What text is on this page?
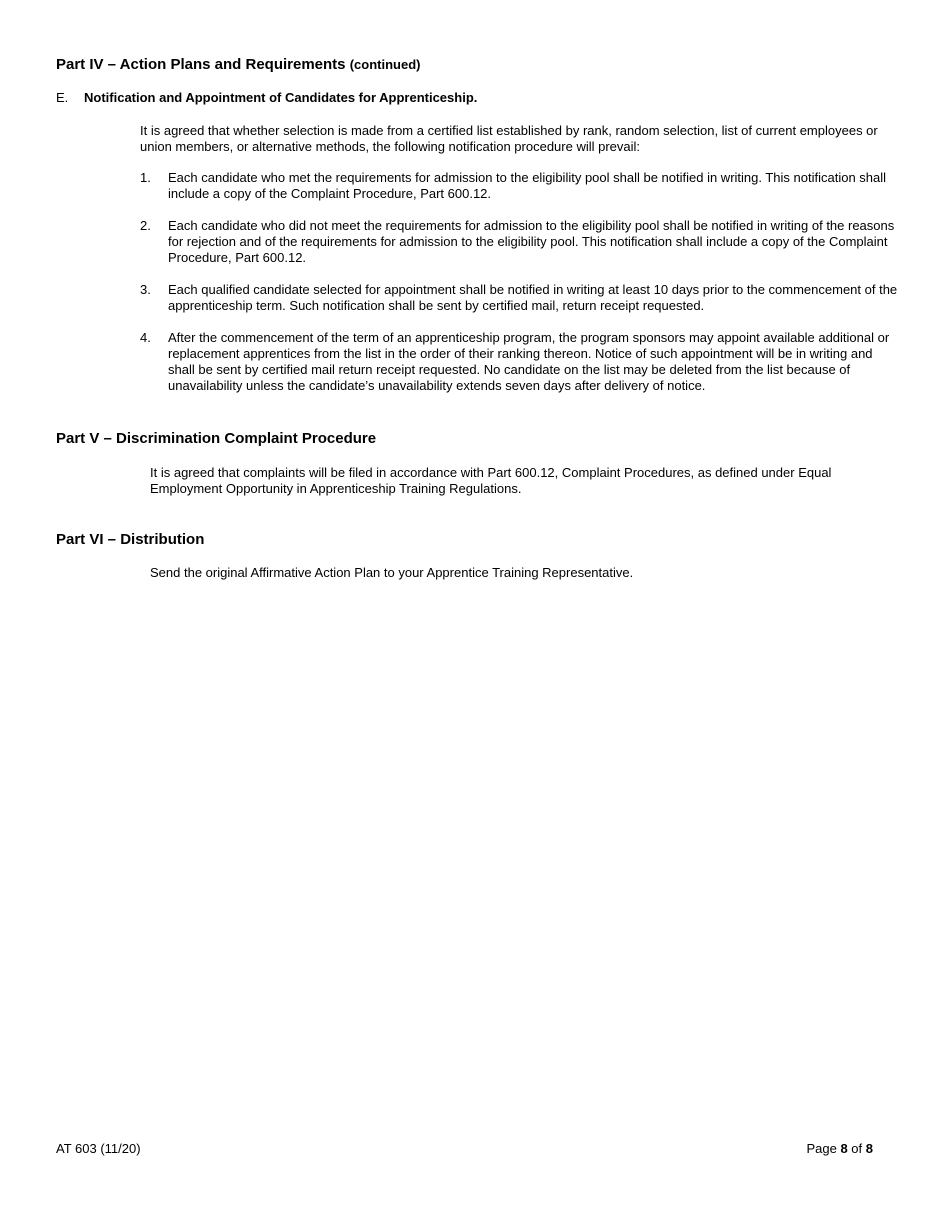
Part IV – Action Plans and Requirements (continued)

E. Notification and Appointment of Candidates for Apprenticeship.

It is agreed that whether selection is made from a certified list established by rank, random selection, list of current employees or union members, or alternative methods, the following notification procedure will prevail:

1. Each candidate who met the requirements for admission to the eligibility pool shall be notified in writing. This notification shall include a copy of the Complaint Procedure, Part 600.12.
2. Each candidate who did not meet the requirements for admission to the eligibility pool shall be notified in writing of the reasons for rejection and of the requirements for admission to the eligibility pool. This notification shall include a copy of the Complaint Procedure, Part 600.12.
3. Each qualified candidate selected for appointment shall be notified in writing at least 10 days prior to the commencement of the apprenticeship term. Such notification shall be sent by certified mail, return receipt requested.
4. After the commencement of the term of an apprenticeship program, the program sponsors may appoint available additional or replacement apprentices from the list in the order of their ranking thereon. Notice of such appointment will be in writing and shall be sent by certified mail return receipt requested. No candidate on the list may be deleted from the list because of unavailability unless the candidate’s unavailability extends seven days after delivery of notice.
Part V – Discrimination Complaint Procedure

It is agreed that complaints will be filed in accordance with Part 600.12, Complaint Procedures, as defined under Equal Employment Opportunity in Apprenticeship Training Regulations.

Part VI – Distribution

Send the original Affirmative Action Plan to your Apprentice Training Representative.

AT 603 (11/20)	Page 8 of 8
